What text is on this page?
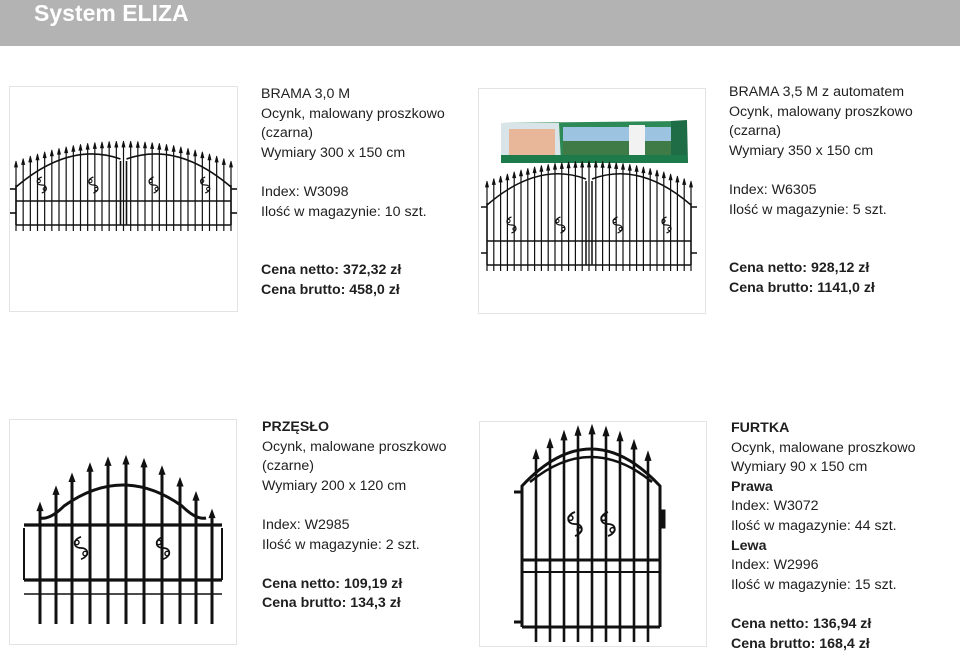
System ELIZA
BRAMA 3,0 M
Ocynk, malowany proszkowo
(czarna)
Wymiary 300 x 150 cm
Index: W3098
Ilość w magazynie: 10 szt.
Cena netto: 372,32 zł
Cena brutto: 458,0 zł
BRAMA 3,5 M z automatem
Ocynk, malowany proszkowo
(czarna)
Wymiary 350 x 150 cm
Index: W6305
Ilość w magazynie: 5 szt.
Cena netto: 928,12 zł
Cena brutto: 1141,0 zł
PRZĘSŁO
Ocynk, malowane proszkowo
(czarne)
Wymiary 200 x 120 cm
Index: W2985
Ilość w magazynie: 2 szt.
Cena netto: 109,19 zł
Cena brutto: 134,3 zł
FURTKA
Ocynk, malowane proszkowo
Wymiary 90 x 150 cm
Prawa
Index: W3072
Ilość w magazynie: 44 szt.
Lewa
Index: W2996
Ilość w magazynie: 15 szt.
Cena netto: 136,94 zł
Cena brutto: 168,4 zł
